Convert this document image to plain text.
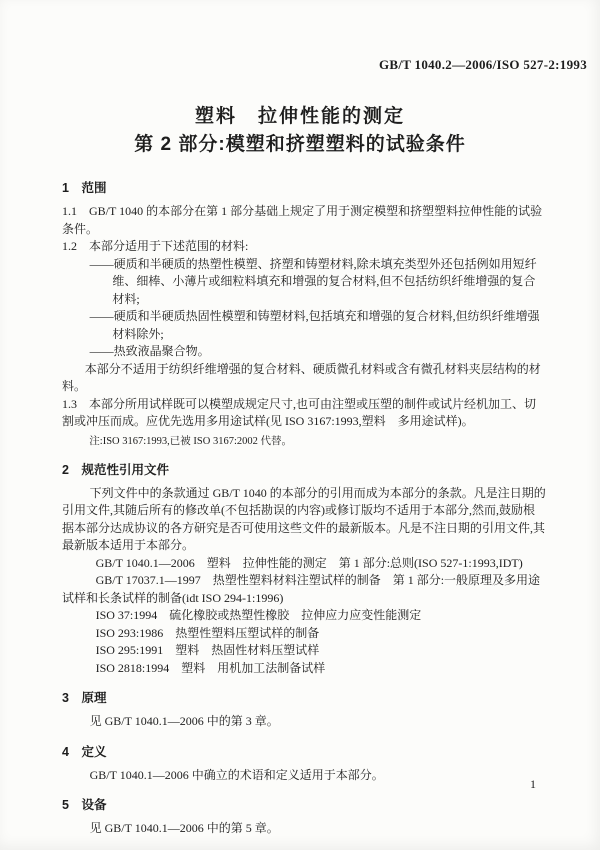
GB/T 1040.2—2006/ISO 527-2:1993
塑料　拉伸性能的测定
第 2 部分:模塑和挤塑塑料的试验条件
1　范围

1.1　GB/T 1040 的本部分在第 1 部分基础上规定了用于测定模塑和挤塑塑料拉伸性能的试验条件。

1.2　本部分适用于下述范围的材料:

——硬质和半硬质的热塑性模塑、挤塑和铸塑材料,除未填充类型外还包括例如用短纤维、细棒、小薄片或细粒料填充和增强的复合材料,但不包括纺织纤维增强的复合材料;

——硬质和半硬质热固性模塑和铸塑材料,包括填充和增强的复合材料,但纺织纤维增强材料除外;

——热致液晶聚合物。

本部分不适用于纺织纤维增强的复合材料、硬质微孔材料或含有微孔材料夹层结构的材料。

1.3　本部分所用试样既可以模塑成规定尺寸,也可由注塑或压塑的制件或试片经机加工、切割或冲压而成。应优先选用多用途试样(见 ISO 3167:1993,塑料　多用途试样)。

注:ISO 3167:1993,已被 ISO 3167:2002 代替。

2　规范性引用文件

下列文件中的条款通过 GB/T 1040 的本部分的引用而成为本部分的条款。凡是注日期的引用文件,其随后所有的修改单(不包括勘误的内容)或修订版均不适用于本部分,然而,鼓励根据本部分达成协议的各方研究是否可使用这些文件的最新版本。凡是不注日期的引用文件,其最新版本适用于本部分。

GB/T 1040.1—2006　塑料　拉伸性能的测定　第 1 部分:总则(ISO 527-1:1993,IDT)

GB/T 17037.1—1997　热塑性塑料材料注塑试样的制备　第 1 部分:一般原理及多用途试样和长条试样的制备(idt ISO 294-1:1996)

ISO 37:1994　硫化橡胶或热塑性橡胶　拉伸应力应变性能测定

ISO 293:1986　热塑性塑料压塑试样的制备

ISO 295:1991　塑料　热固性材料压塑试样

ISO 2818:1994　塑料　用机加工法制备试样

3　原理

见 GB/T 1040.1—2006 中的第 3 章。

4　定义

GB/T 1040.1—2006 中确立的术语和定义适用于本部分。

5　设备

见 GB/T 1040.1—2006 中的第 5 章。

1
